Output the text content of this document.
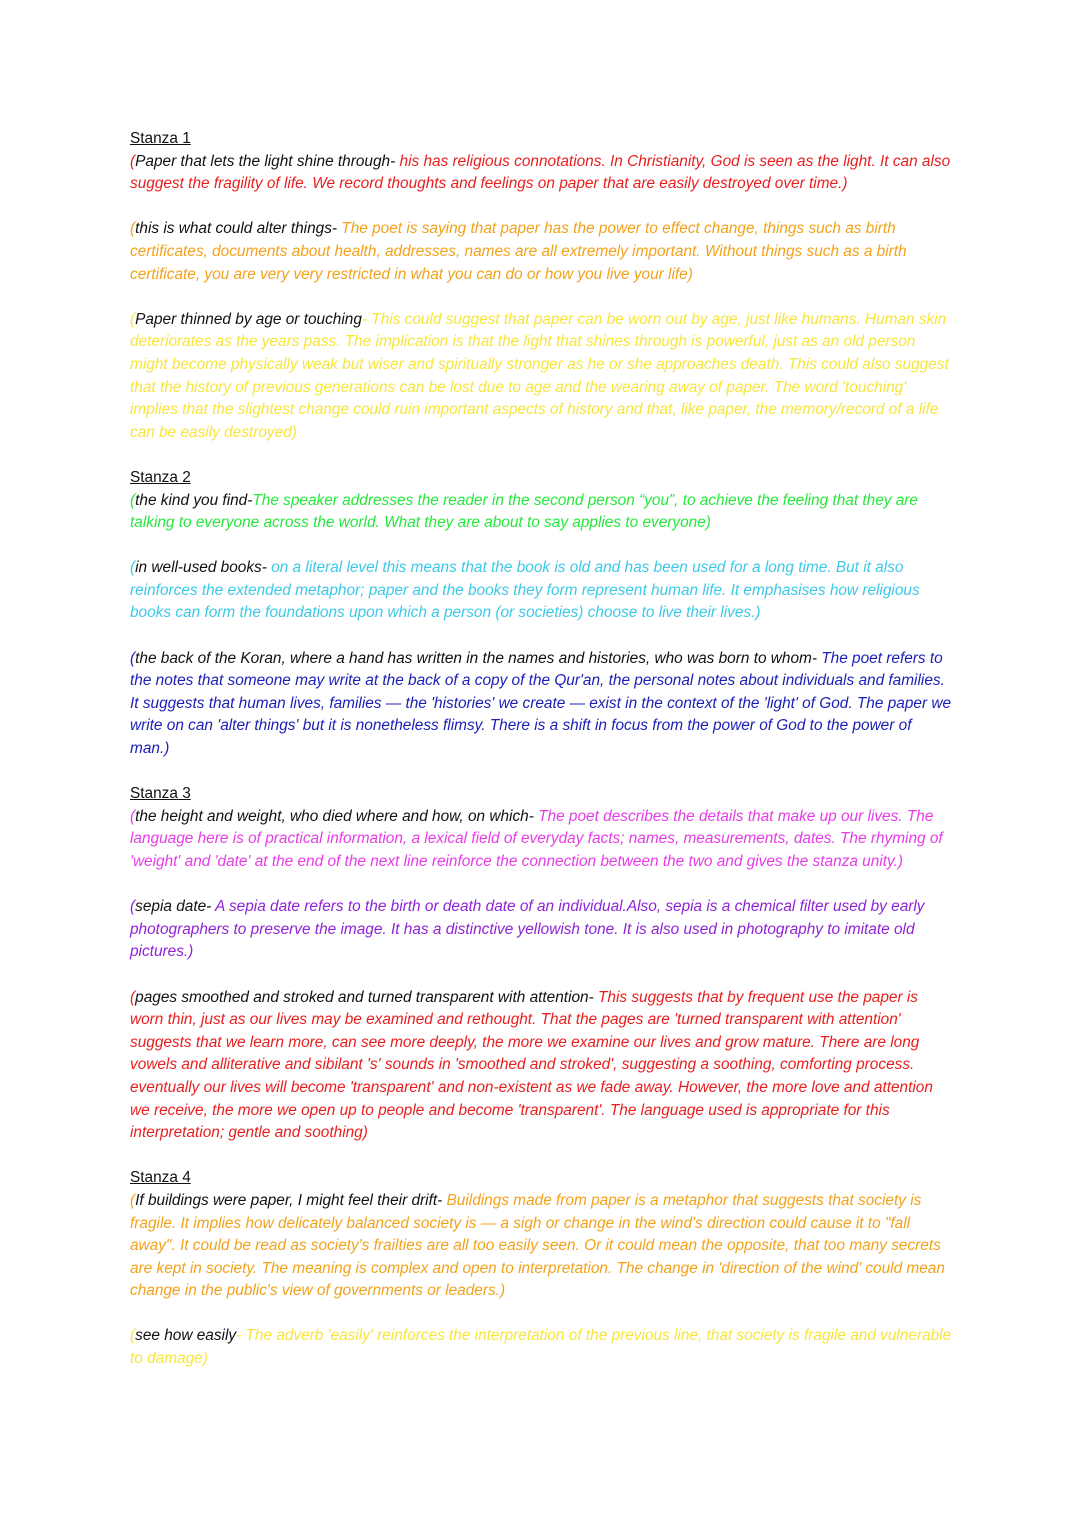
Stanza 1

(Paper that lets the light shine through- his has religious connotations. In Christianity, God is seen as the light. It can also suggest the fragility of life. We record thoughts and feelings on paper that are easily destroyed over time.)

(this is what could alter things- The poet is saying that paper has the power to effect change, things such as birth certificates, documents about health, addresses, names are all extremely important. Without things such as a birth certificate, you are very very restricted in what you can do or how you live your life)

(Paper thinned by age or touching- This could suggest that paper can be worn out by age, just like humans. Human skin deteriorates as the years pass. The implication is that the light that shines through is powerful, just as an old person might become physically weak but wiser and spiritually stronger as he or she approaches death. This could also suggest that the history of previous generations can be lost due to age and the wearing away of paper. The word 'touching' implies that the slightest change could ruin important aspects of history and that, like paper, the memory/record of a life can be easily destroyed)

Stanza 2

(the kind you find-The speaker addresses the reader in the second person “you”, to achieve the feeling that they are talking to everyone across the world. What they are about to say applies to everyone)

(in well-used books- on a literal level this means that the book is old and has been used for a long time. But it also reinforces the extended metaphor; paper and the books they form represent human life. It emphasises how religious books can form the foundations upon which a person (or societies) choose to live their lives.)

(the back of the Koran, where a hand has written in the names and histories, who was born to whom- The poet refers to the notes that someone may write at the back of a copy of the Qur'an, the personal notes about individuals and families. It suggests that human lives, families — the 'histories' we create — exist in the context of the 'light' of God. The paper we write on can 'alter things' but it is nonetheless flimsy. There is a shift in focus from the power of God to the power of man.)

Stanza 3

(the height and weight, who died where and how, on which- The poet describes the details that make up our lives. The language here is of practical information, a lexical field of everyday facts; names, measurements, dates. The rhyming of 'weight' and 'date' at the end of the next line reinforce the connection between the two and gives the stanza unity.)

(sepia date- A sepia date refers to the birth or death date of an individual.Also, sepia is a chemical filter used by early photographers to preserve the image. It has a distinctive yellowish tone. It is also used in photography to imitate old pictures.)

(pages smoothed and stroked and turned transparent with attention- This suggests that by frequent use the paper is worn thin, just as our lives may be examined and rethought. That the pages are 'turned transparent with attention' suggests that we learn more, can see more deeply, the more we examine our lives and grow mature. There are long vowels and alliterative and sibilant 's' sounds in 'smoothed and stroked', suggesting a soothing, comforting process. eventually our lives will become 'transparent' and non-existent as we fade away. However, the more love and attention we receive, the more we open up to people and become 'transparent'. The language used is appropriate for this interpretation; gentle and soothing)

Stanza 4

(If buildings were paper, I might feel their drift- Buildings made from paper is a metaphor that suggests that society is fragile. It implies how delicately balanced society is — a sigh or change in the wind's direction could cause it to "fall away". It could be read as society's frailties are all too easily seen. Or it could mean the opposite, that too many secrets are kept in society. The meaning is complex and open to interpretation. The change in 'direction of the wind' could mean change in the public's view of governments or leaders.)

(see how easily- The adverb 'easily' reinforces the interpretation of the previous line, that society is fragile and vulnerable to damage)
